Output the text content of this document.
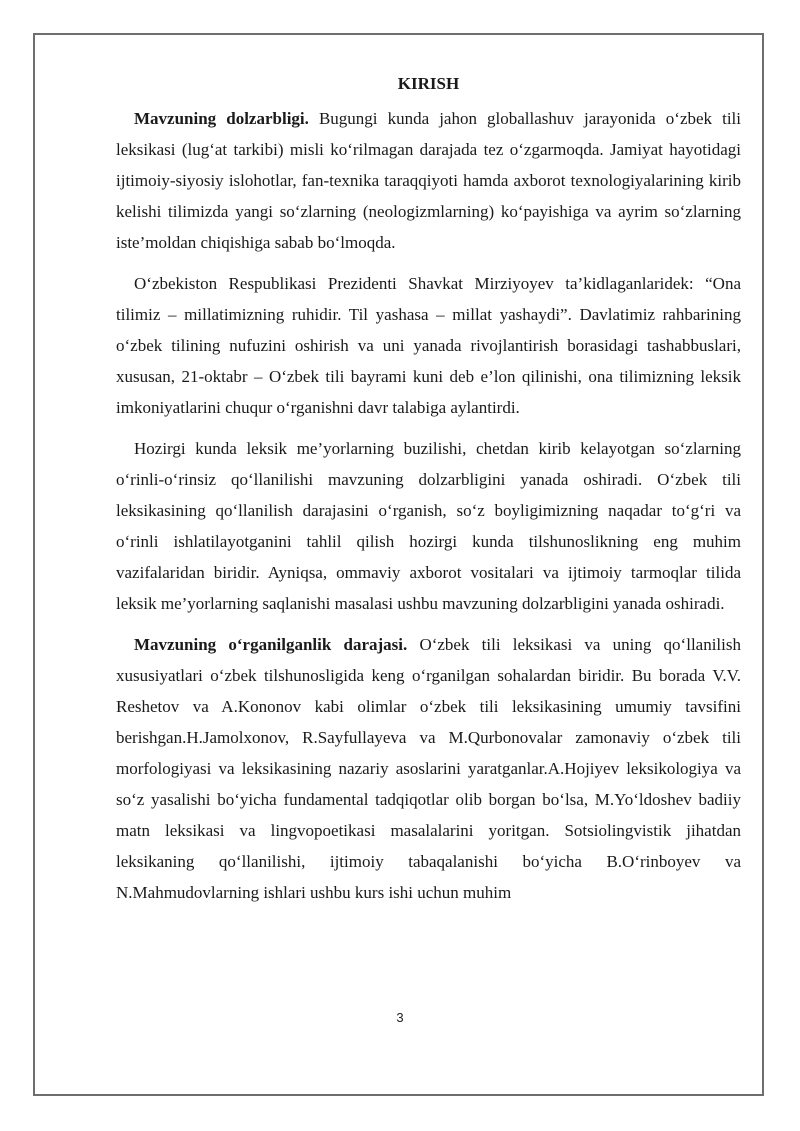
KIRISH

Mavzuning dolzarbligi. Bugungi kunda jahon globallashuv jarayonida o‘zbek tili leksikasi (lug‘at tarkibi) misli ko‘rilmagan darajada tez o‘zgarmoqda. Jamiyat hayotidagi ijtimoiy-siyosiy islohotlar, fan-texnika taraqqiyoti hamda axborot texnologiyalarining kirib kelishi tilimizda yangi so‘zlarning (neologizmlarning) ko‘payishiga va ayrim so‘zlarning iste’moldan chiqishiga sabab bo‘lmoqda.

O‘zbekiston Respublikasi Prezidenti Shavkat Mirziyoyev ta’kidlaganlaridek: “Ona tilimiz – millatimizning ruhidir. Til yashasa – millat yashaydi”. Davlatimiz rahbarining o‘zbek tilining nufuzini oshirish va uni yanada rivojlantirish borasidagi tashabbuslari, xususan, 21-oktabr – O‘zbek tili bayrami kuni deb e’lon qilinishi, ona tilimizning leksik imkoniyatlarini chuqur o‘rganishni davr talabiga aylantirdi.

Hozirgi kunda leksik me’yorlarning buzilishi, chetdan kirib kelayotgan so‘zlarning o‘rinli-o‘rinsiz qo‘llanilishi mavzuning dolzarbligini yanada oshiradi. O‘zbek tili leksikasining qo‘llanilish darajasini o‘rganish, so‘z boyligimizning naqadar to‘g‘ri va o‘rinli ishlatilayotganini tahlil qilish hozirgi kunda tilshunoslikning eng muhim vazifalaridan biridir. Ayniqsa, ommaviy axborot vositalari va ijtimoiy tarmoqlar tilida leksik me’yorlarning saqlanishi masalasi ushbu mavzuning dolzarbligini yanada oshiradi.

Mavzuning o‘rganilganlik darajasi. O‘zbek tili leksikasi va uning qo‘llanilish xususiyatlari o‘zbek tilshunosligida keng o‘rganilgan sohalardan biridir. Bu borada V.V. Reshetov va A.Kononov kabi olimlar o‘zbek tili leksikasining umumiy tavsifini berishgan.H.Jamolxonov, R.Sayfullayeva va M.Qurbonovalar zamonaviy o‘zbek tili morfologiyasi va leksikasining nazariy asoslarini yaratganlar.A.Hojiyev leksikologiya va so‘z yasalishi bo‘yicha fundamental tadqiqotlar olib borgan bo‘lsa, M.Yo‘ldoshev badiiy matn leksikasi va lingvopoetikasi masalalarini yoritgan. Sotsiolingvistik jihatdan leksikaning qo‘llanilishi, ijtimoiy tabaqalanishi bo‘yicha B.O‘rinboyev va N.Mahmudovlarning ishlari ushbu kurs ishi uchun muhim

3
